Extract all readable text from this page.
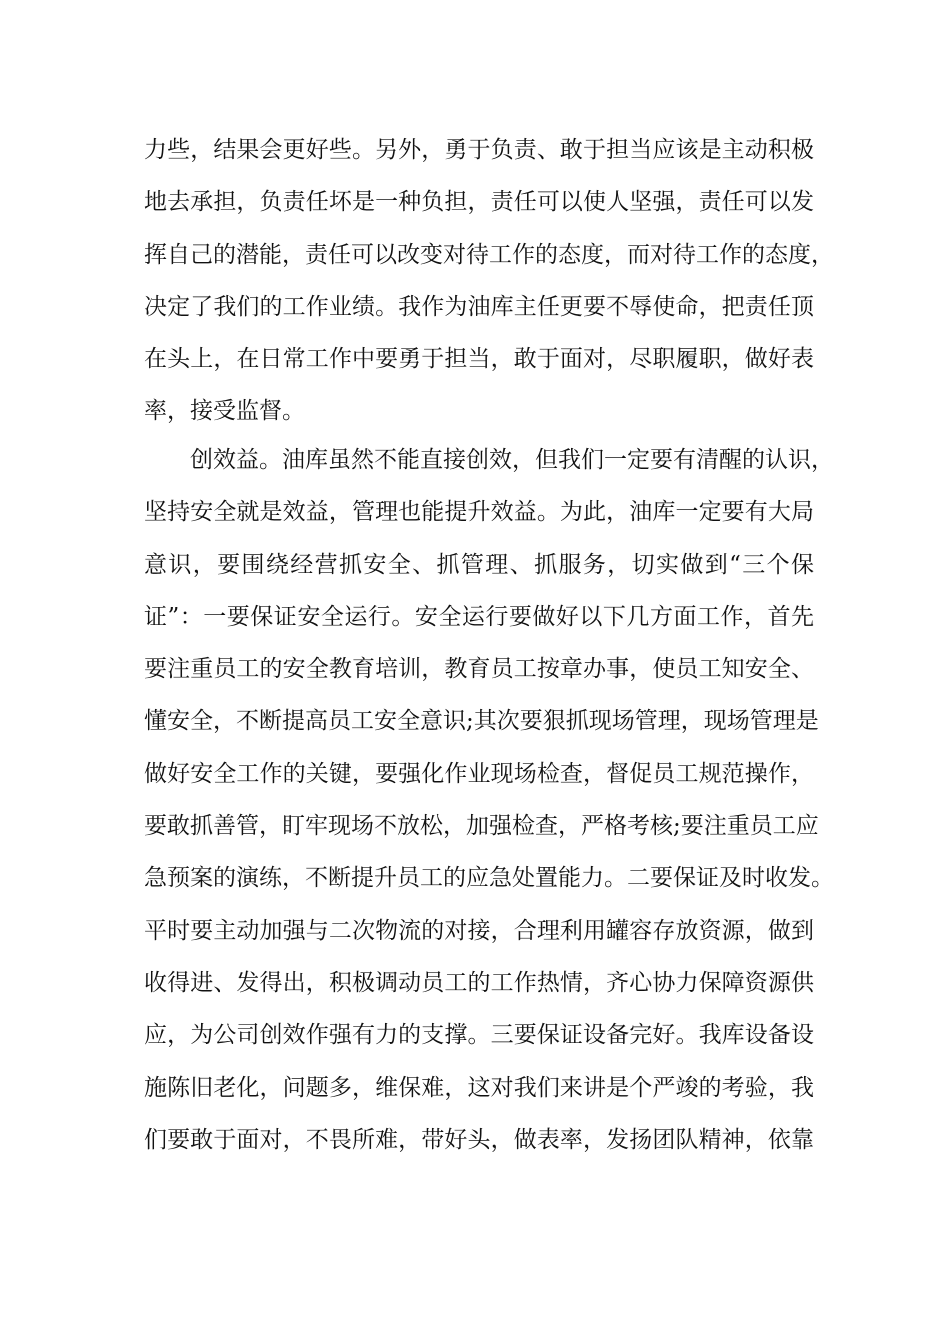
力些，结果会更好些。另外，勇于负责、敢于担当应该是主动积极
地去承担，负责任坏是一种负担，责任可以使人坚强，责任可以发
挥自己的潜能，责任可以改变对待工作的态度，而对待工作的态度，
决定了我们的工作业绩。我作为油库主任更要不辱使命，把责任顶
在头上，在日常工作中要勇于担当，敢于面对，尽职履职，做好表
率，接受监督。
创效益。油库虽然不能直接创效，但我们一定要有清醒的认识，
坚持安全就是效益，管理也能提升效益。为此，油库一定要有大局
意识，要围绕经营抓安全、抓管理、抓服务，切实做到“三个保
证”：一要保证安全运行。安全运行要做好以下几方面工作，首先
要注重员工的安全教育培训，教育员工按章办事，使员工知安全、
懂安全，不断提高员工安全意识;其次要狠抓现场管理，现场管理是
做好安全工作的关键，要强化作业现场检查，督促员工规范操作，
要敢抓善管，盯牢现场不放松，加强检查，严格考核;要注重员工应
急预案的演练，不断提升员工的应急处置能力。二要保证及时收发。
平时要主动加强与二次物流的对接，合理利用罐容存放资源，做到
收得进、发得出，积极调动员工的工作热情，齐心协力保障资源供
应，为公司创效作强有力的支撑。三要保证设备完好。我库设备设
施陈旧老化，问题多，维保难，这对我们来讲是个严竣的考验，我
们要敢于面对，不畏所难，带好头，做表率，发扬团队精神，依靠
